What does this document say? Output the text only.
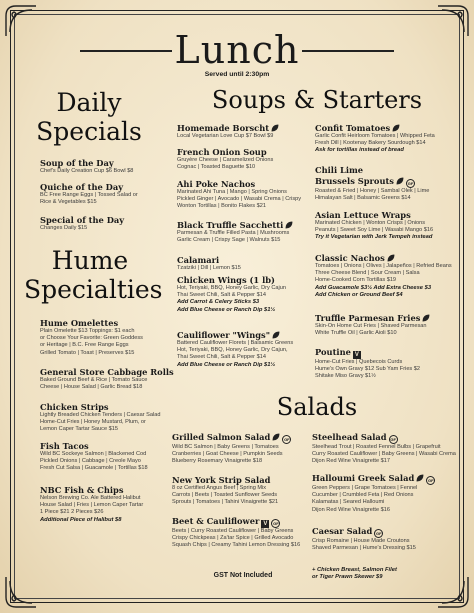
Lunch
Served until 2:30pm
Daily
Specials
Hume
Specialties
Soups & Starters
Salads
Soup of the Day
Chef's Daily Creation Cup $6 Bowl $8
Quiche of the Day
BC Free Range Eggs | Tossed Salad or
Rice & Vegetables $15
Special of the Day
Changes Daily $15
Hume Omelettes
Plain Omelette $13 Toppings: $1 each
or Choose Your Favorite: Green Goddess
or Heritage | B.C. Free Range Eggs
Grilled Tomato | Toast | Preserves $15
General Store Cabbage Rolls
Baked Ground Beef & Rice | Tomato Sauce
Cheese | House Salad | Garlic Bread $18
Chicken Strips
Lightly Breaded Chicken Tenders | Caesar Salad
Home-Cut Fries | Honey Mustard, Plum, or
Lemon Caper Tartar Sauce $15
Fish Tacos
Wild BC Sockeye Salmon | Blackened Cod
Pickled Onions | Cabbage | Creole Mayo
Fresh Cut Salsa | Guacamole | Tortillas $18
NBC Fish & Chips
Nelson Brewing Co. Ale Battered Halibut
House Salad | Fries | Lemon Caper Tartar
1 Piece $21 2 Pieces $26
Additional Piece of Halibut $8
Homemade Borscht
Local Vegetarian Love Cup $7 Bowl $9
French Onion Soup
Gruyère Cheese | Caramelized Onions
Cognac | Toasted Baguette $10
Ahi Poke Nachos
Marinated Ahi Tuna | Mango | Spring Onions
Pickled Ginger | Avocado | Wasabi Crema | Crispy
Wonton Tortillas | Bonito Flakes $21
Black Truffle Sacchetti
Parmesan & Truffle Filled Pasta | Mushrooms
Garlic Cream | Crispy Sage | Walnuts $15
Calamari
Tzatziki | Dill | Lemon $15
Chicken Wings (1 lb)
Hot, Teriyaki, BBQ, Honey Garlic, Dry Cajun
Thai Sweet Chili, Salt & Pepper $14
Add Carrot & Celery Sticks $3
Add Blue Cheese or Ranch Dip $1½
Cauliflower "Wings"
Battered Cauliflower Florets | Balsamic Greens
Hot, Teriyaki, BBQ, Honey Garlic, Dry Cajun,
Thai Sweet Chili, Salt & Pepper $14
Add Blue Cheese or Ranch Dip $1½
Confit Tomatoes
Garlic Confit Heirloom Tomatoes | Whipped Feta
Fresh Dill | Kootenay Bakery Sourdough $14
Ask for tortillas instead of bread
Chili Lime
Brussels Sprouts	GF
Roasted & Fried | Honey | Sambal Olek | Lime
Himalayan Salt | Balsamic Greens $14
Asian Lettuce Wraps
Marinated Chicken | Wonton Crisps | Onions
Peanuts | Sweet Soy Lime | Wasabi Mango $16
Try it Vegetarian with Jerk Tempeh instead
Classic Nachos
Tomatoes | Onions | Olives | Jalapeños | Refried Beans
Three Cheese Blend | Sour Cream | Salsa
Home-Cooked Corn Tortillas $19
Add Guacamole $3½ Add Extra Cheese $3
Add Chicken or Ground Beef $4
Truffle Parmesan Fries
Skin-On Home Cut Fries | Shaved Parmesan
White Truffle Oil | Garlic Aioli $10
Poutine V
Home-Cut Fries | Quebecois Curds
Hume's Own Gravy $12 Sub Yam Fries $2
Shitake Miso Gravy $1½
Grilled Salmon Salad	GF
Wild BC Salmon | Baby Greens | Tomatoes
Cranberries | Goat Cheese | Pumpkin Seeds
Blueberry Rosemary Vinaigrette $18
New York Strip Salad
8 oz Certified Angus Beef | Spring Mix
Carrots | Beets | Toasted Sunflower Seeds
Sprouts | Tomatoes | Tahini Vinaigrette $21
Beet & Cauliflower V GF
Beets | Curry Roasted Cauliflower | Baby Greens
Crispy Chickpeas | Za'tar Spice | Grilled Avocado
Squash Chips | Creamy Tahini Lemon Dressing $16
Steelhead Salad GF
Steelhead Trout | Roasted Fennel Bulbs | Grapefruit
Curry Roasted Cauliflower | Baby Greens | Wasabi Crema
Dijon Red Wine Vinaigrette $17
Halloumi Greek Salad	GF
Green Peppers | Grape Tomatoes | Fennel
Cucumber | Crumbled Feta | Red Onions
Kalamatas | Seared Halloumi
Dijon Red Wine Vinaigrette $16
Caesar Salad GF
Crisp Romaine | House Made Croutons
Shaved Parmesan | Hume's Dressing $15
GST Not Included
+ Chicken Breast, Salmon Filet
or Tiger Prawn Skewer $9
